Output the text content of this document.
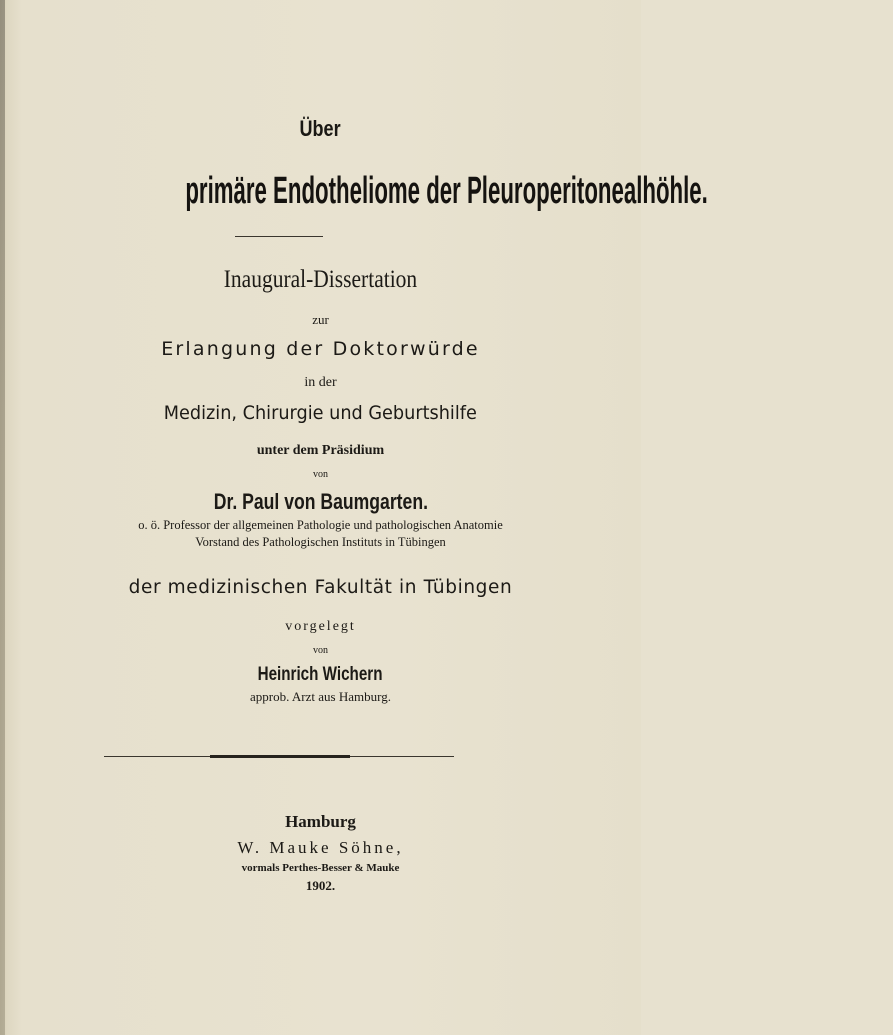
Über
primäre Endotheliome der Pleuroperitonealhöhle.
Inaugural-Dissertation
zur
Erlangung der Doktorwürde
in der
Medizin, Chirurgie und Geburtshilfe
unter dem Präsidium
von
Dr. Paul von Baumgarten.
o. ö. Professor der allgemeinen Pathologie und pathologischen Anatomie
Vorstand des Pathologischen Instituts in Tübingen
der medizinischen Fakultät in Tübingen
vorgelegt
von
Heinrich Wichern
approb. Arzt aus Hamburg.
Hamburg
W. Mauke Söhne,
vormals Perthes-Besser & Mauke
1902.
